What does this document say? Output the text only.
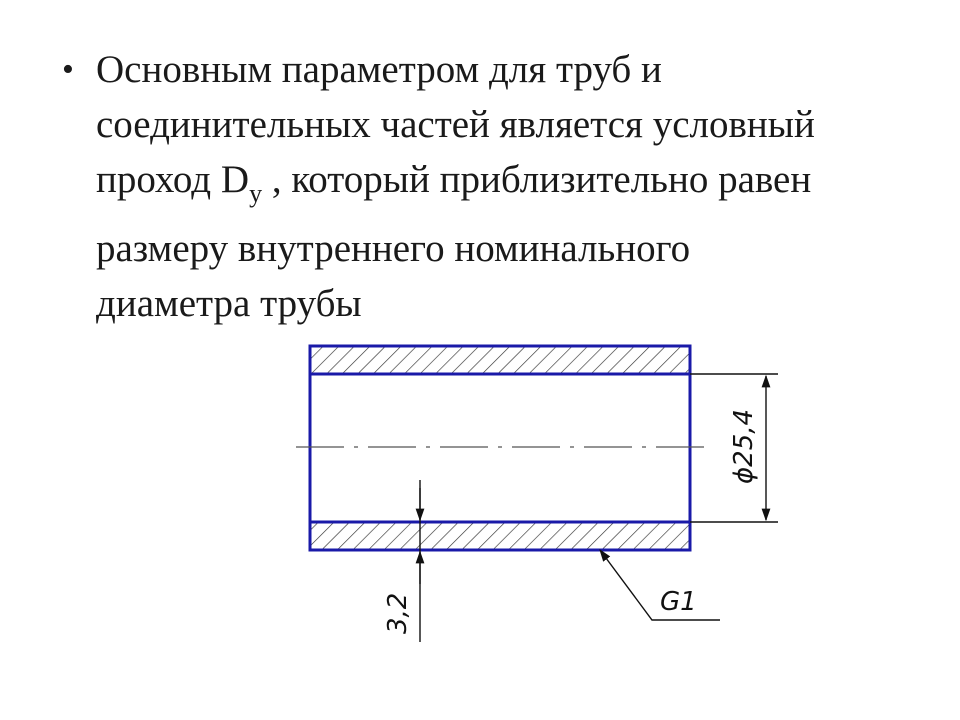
• Основным параметром для труб и
соединительных частей является условный
проход $D_у$ , который приблизительно равен
размеру внутреннего номинального
диаметра трубы
ϕ25,4
3,2	G1
